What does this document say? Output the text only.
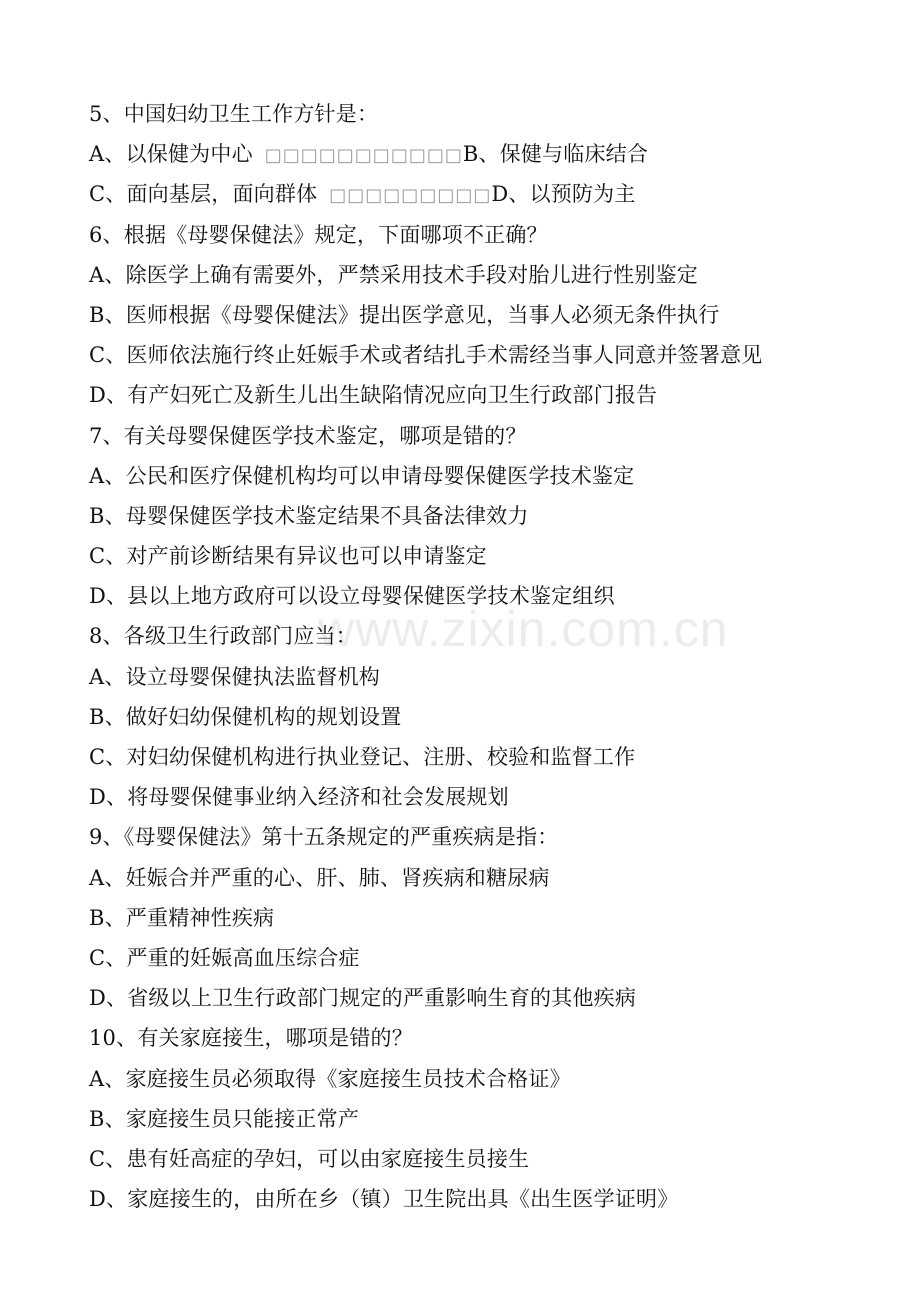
www.zixin.com.cn
5、中国妇幼卫生工作方针是：
A、以保健为中心 □□□□□□□□□□□B、保健与临床结合
C、面向基层，面向群体 □□□□□□□□□D、以预防为主
6、根据《母婴保健法》规定，下面哪项不正确？
A、除医学上确有需要外，严禁采用技术手段对胎儿进行性别鉴定
B、医师根据《母婴保健法》提出医学意见，当事人必须无条件执行
C、医师依法施行终止妊娠手术或者结扎手术需经当事人同意并签署意见
D、有产妇死亡及新生儿出生缺陷情况应向卫生行政部门报告
7、有关母婴保健医学技术鉴定，哪项是错的？
A、公民和医疗保健机构均可以申请母婴保健医学技术鉴定
B、母婴保健医学技术鉴定结果不具备法律效力
C、对产前诊断结果有异议也可以申请鉴定
D、县以上地方政府可以设立母婴保健医学技术鉴定组织
8、各级卫生行政部门应当：
A、设立母婴保健执法监督机构
B、做好妇幼保健机构的规划设置
C、对妇幼保健机构进行执业登记、注册、校验和监督工作
D、将母婴保健事业纳入经济和社会发展规划
9、《母婴保健法》第十五条规定的严重疾病是指：
A、妊娠合并严重的心、肝、肺、肾疾病和糖尿病
B、严重精神性疾病
C、严重的妊娠高血压综合症
D、省级以上卫生行政部门规定的严重影响生育的其他疾病
10、有关家庭接生，哪项是错的？
A、家庭接生员必须取得《家庭接生员技术合格证》
B、家庭接生员只能接正常产
C、患有妊高症的孕妇，可以由家庭接生员接生
D、家庭接生的，由所在乡（镇）卫生院出具《出生医学证明》
